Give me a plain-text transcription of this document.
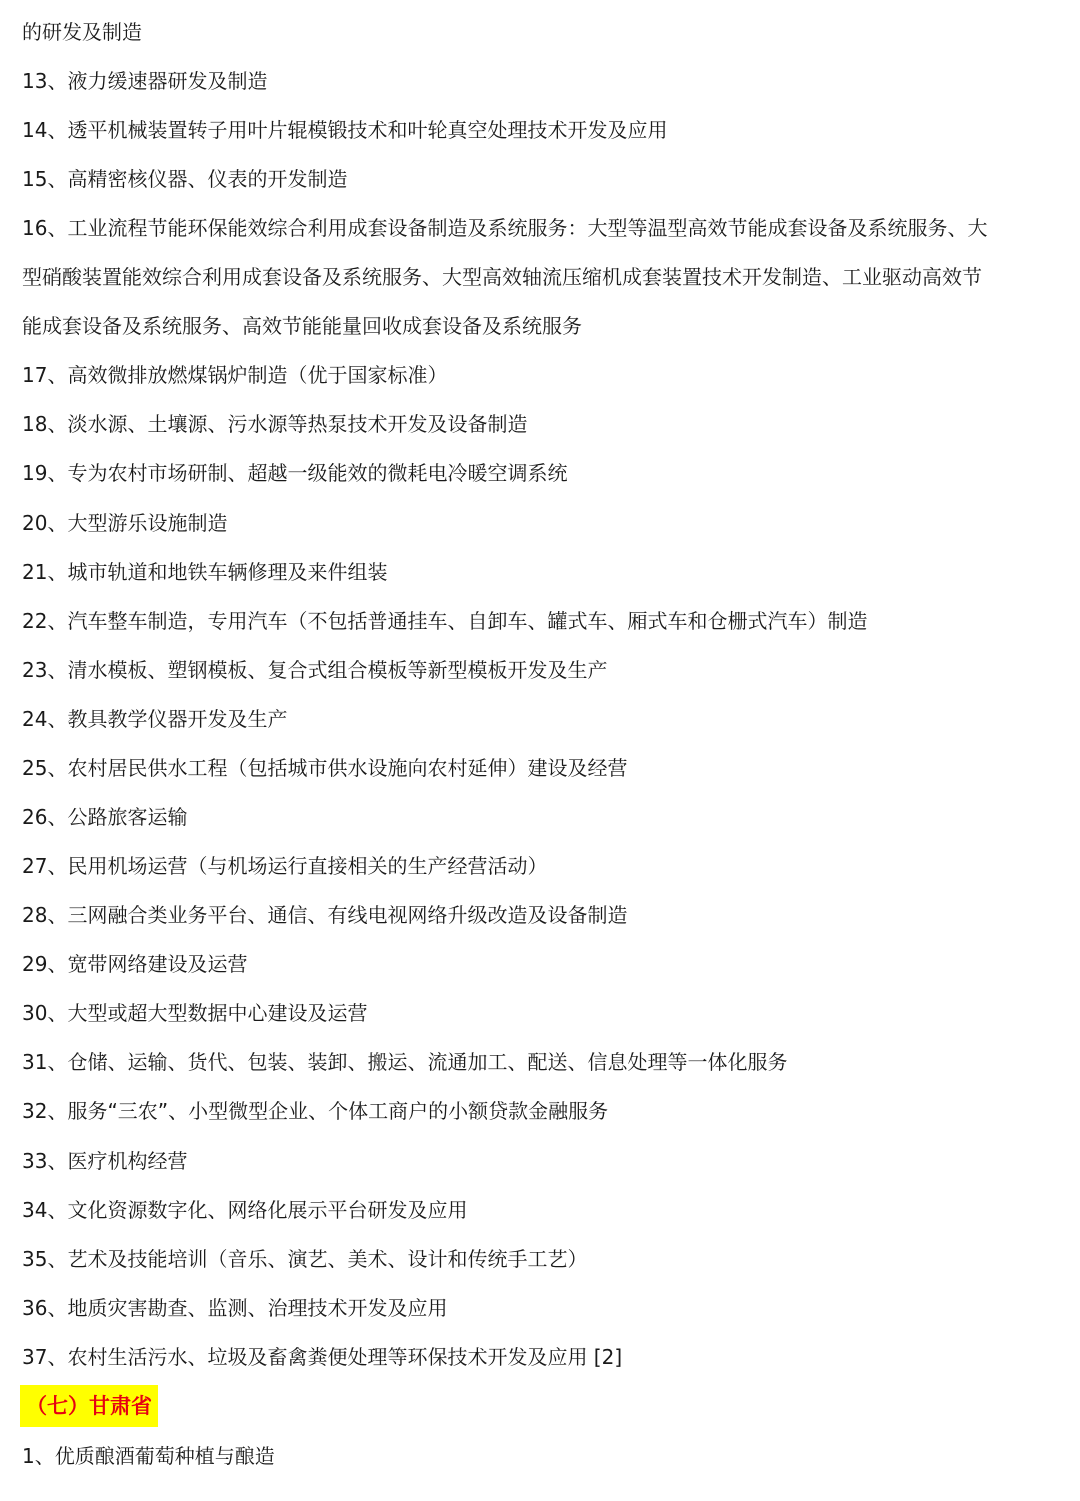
的研发及制造
13、液力缓速器研发及制造
14、透平机械装置转子用叶片辊模锻技术和叶轮真空处理技术开发及应用
15、高精密核仪器、仪表的开发制造
16、工业流程节能环保能效综合利用成套设备制造及系统服务：大型等温型高效节能成套设备及系统服务、大
型硝酸装置能效综合利用成套设备及系统服务、大型高效轴流压缩机成套装置技术开发制造、工业驱动高效节
能成套设备及系统服务、高效节能能量回收成套设备及系统服务
17、高效微排放燃煤锅炉制造（优于国家标准）
18、淡水源、土壤源、污水源等热泵技术开发及设备制造
19、专为农村市场研制、超越一级能效的微耗电冷暖空调系统
20、大型游乐设施制造
21、城市轨道和地铁车辆修理及来件组装
22、汽车整车制造，专用汽车（不包括普通挂车、自卸车、罐式车、厢式车和仓栅式汽车）制造
23、清水模板、塑钢模板、复合式组合模板等新型模板开发及生产
24、教具教学仪器开发及生产
25、农村居民供水工程（包括城市供水设施向农村延伸）建设及经营
26、公路旅客运输
27、民用机场运营（与机场运行直接相关的生产经营活动）
28、三网融合类业务平台、通信、有线电视网络升级改造及设备制造
29、宽带网络建设及运营
30、大型或超大型数据中心建设及运营
31、仓储、运输、货代、包装、装卸、搬运、流通加工、配送、信息处理等一体化服务
32、服务“三农”、小型微型企业、个体工商户的小额贷款金融服务
33、医疗机构经营
34、文化资源数字化、网络化展示平台研发及应用
35、艺术及技能培训（音乐、演艺、美术、设计和传统手工艺）
36、地质灾害勘查、监测、治理技术开发及应用
37、农村生活污水、垃圾及畜禽粪便处理等环保技术开发及应用 [2]
（七）甘肃省
1、优质酿酒葡萄种植与酿造
